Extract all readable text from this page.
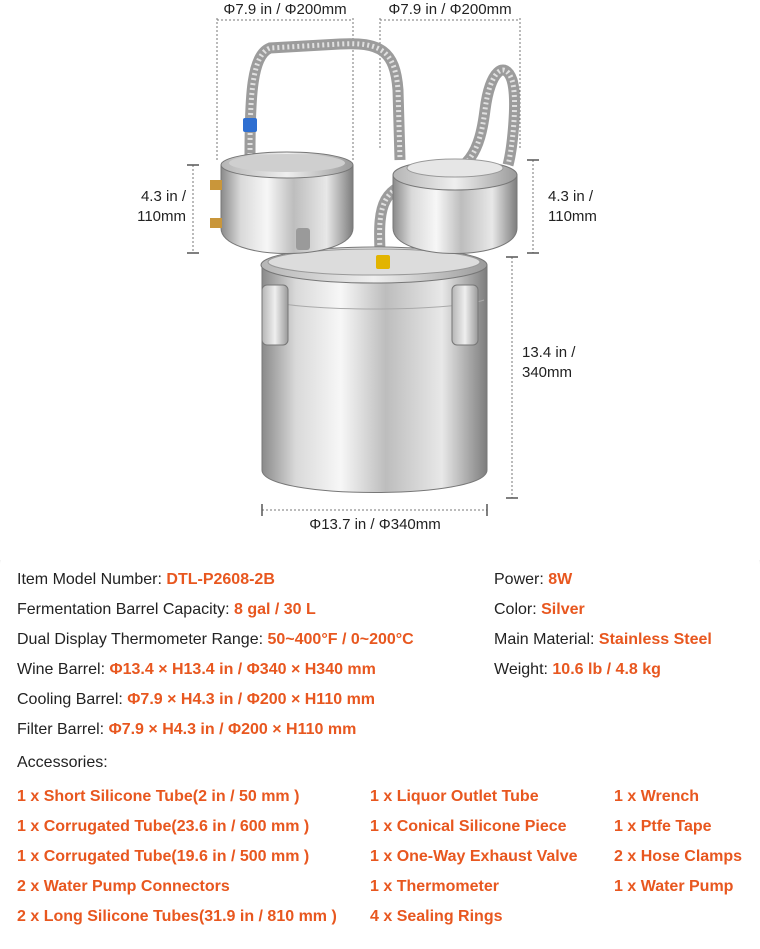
Φ7.9 in / Φ200mm	Φ7.9 in / Φ200mm
4.3 in /
110mm
4.3 in /
110mm
13.4 in /
340mm
Φ13.7 in / Φ340mm
Item Model Number: DTL-P2608-2B
Fermentation Barrel Capacity: 8 gal / 30 L
Dual Display Thermometer Range: 50~400°F / 0~200°C
Wine Barrel: Φ13.4 × H13.4 in / Φ340 × H340 mm
Cooling Barrel: Φ7.9 × H4.3 in / Φ200 × H110 mm
Filter Barrel: Φ7.9 × H4.3 in / Φ200 × H110 mm
Power: 8W
Color: Silver
Main Material: Stainless Steel
Weight: 10.6 lb / 4.8 kg
Accessories:
1 x Short Silicone Tube(2 in / 50 mm )
1 x Corrugated Tube(23.6 in / 600 mm )
1 x Corrugated Tube(19.6 in / 500 mm )
2 x Water Pump Connectors
2 x Long Silicone Tubes(31.9 in / 810 mm )
1 x Liquor Outlet Tube
1 x Conical Silicone Piece
1 x One-Way Exhaust Valve
1 x Thermometer
4 x Sealing Rings
1 x Wrench
1 x Ptfe Tape
2 x Hose Clamps
1 x Water Pump
